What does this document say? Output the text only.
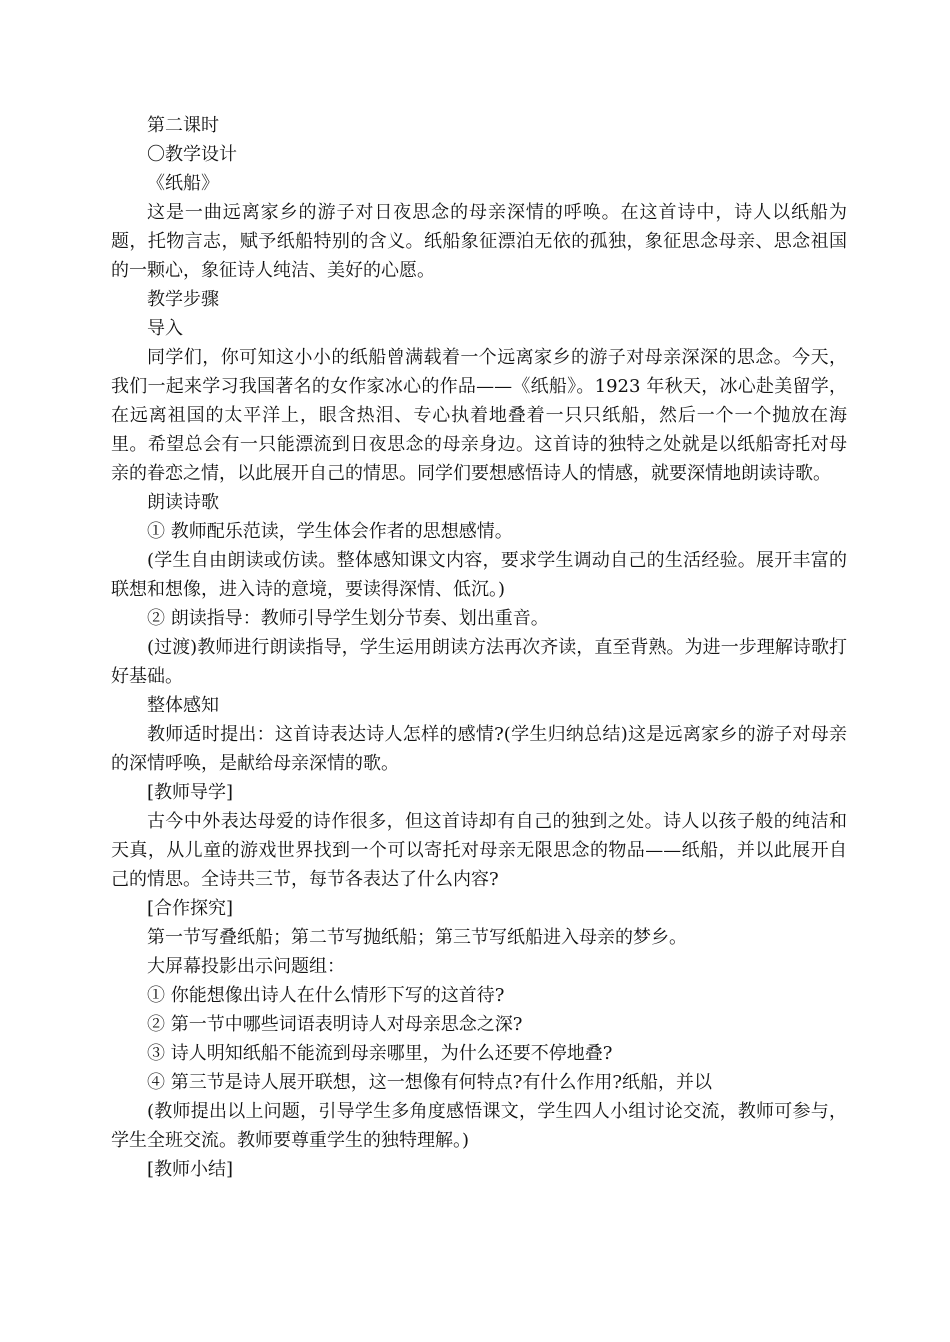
第二课时

〇教学设计

《纸船》

这是一曲远离家乡的游子对日夜思念的母亲深情的呼唤。在这首诗中，诗人以纸船为题，托物言志，赋予纸船特别的含义。纸船象征漂泊无依的孤独，象征思念母亲、思念祖国的一颗心，象征诗人纯洁、美好的心愿。

教学步骤

导入

同学们，你可知这小小的纸船曾满载着一个远离家乡的游子对母亲深深的思念。今天，我们一起来学习我国著名的女作家冰心的作品——《纸船》。1923 年秋天，冰心赴美留学，在远离祖国的太平洋上，眼含热泪、专心执着地叠着一只只纸船，然后一个一个抛放在海里。希望总会有一只能漂流到日夜思念的母亲身边。这首诗的独特之处就是以纸船寄托对母亲的眷恋之情，以此展开自己的情思。同学们要想感悟诗人的情感，就要深情地朗读诗歌。

朗读诗歌

① 教师配乐范读，学生体会作者的思想感情。

(学生自由朗读或仿读。整体感知课文内容，要求学生调动自己的生活经验。展开丰富的联想和想像，进入诗的意境，要读得深情、低沉。)

② 朗读指导：教师引导学生划分节奏、划出重音。

(过渡)教师进行朗读指导，学生运用朗读方法再次齐读，直至背熟。为进一步理解诗歌打好基础。

整体感知

教师适时提出：这首诗表达诗人怎样的感情?(学生归纳总结)这是远离家乡的游子对母亲的深情呼唤，是献给母亲深情的歌。

[教师导学]

古今中外表达母爱的诗作很多，但这首诗却有自己的独到之处。诗人以孩子般的纯洁和天真，从儿童的游戏世界找到一个可以寄托对母亲无限思念的物品——纸船，并以此展开自己的情思。全诗共三节，每节各表达了什么内容?

[合作探究]

第一节写叠纸船；第二节写抛纸船；第三节写纸船进入母亲的梦乡。

大屏幕投影出示问题组：

① 你能想像出诗人在什么情形下写的这首待?

② 第一节中哪些词语表明诗人对母亲思念之深?

③ 诗人明知纸船不能流到母亲哪里，为什么还要不停地叠?

④ 第三节是诗人展开联想，这一想像有何特点?有什么作用?纸船，并以

(教师提出以上问题，引导学生多角度感悟课文，学生四人小组讨论交流，教师可参与，学生全班交流。教师要尊重学生的独特理解。)

[教师小结]
